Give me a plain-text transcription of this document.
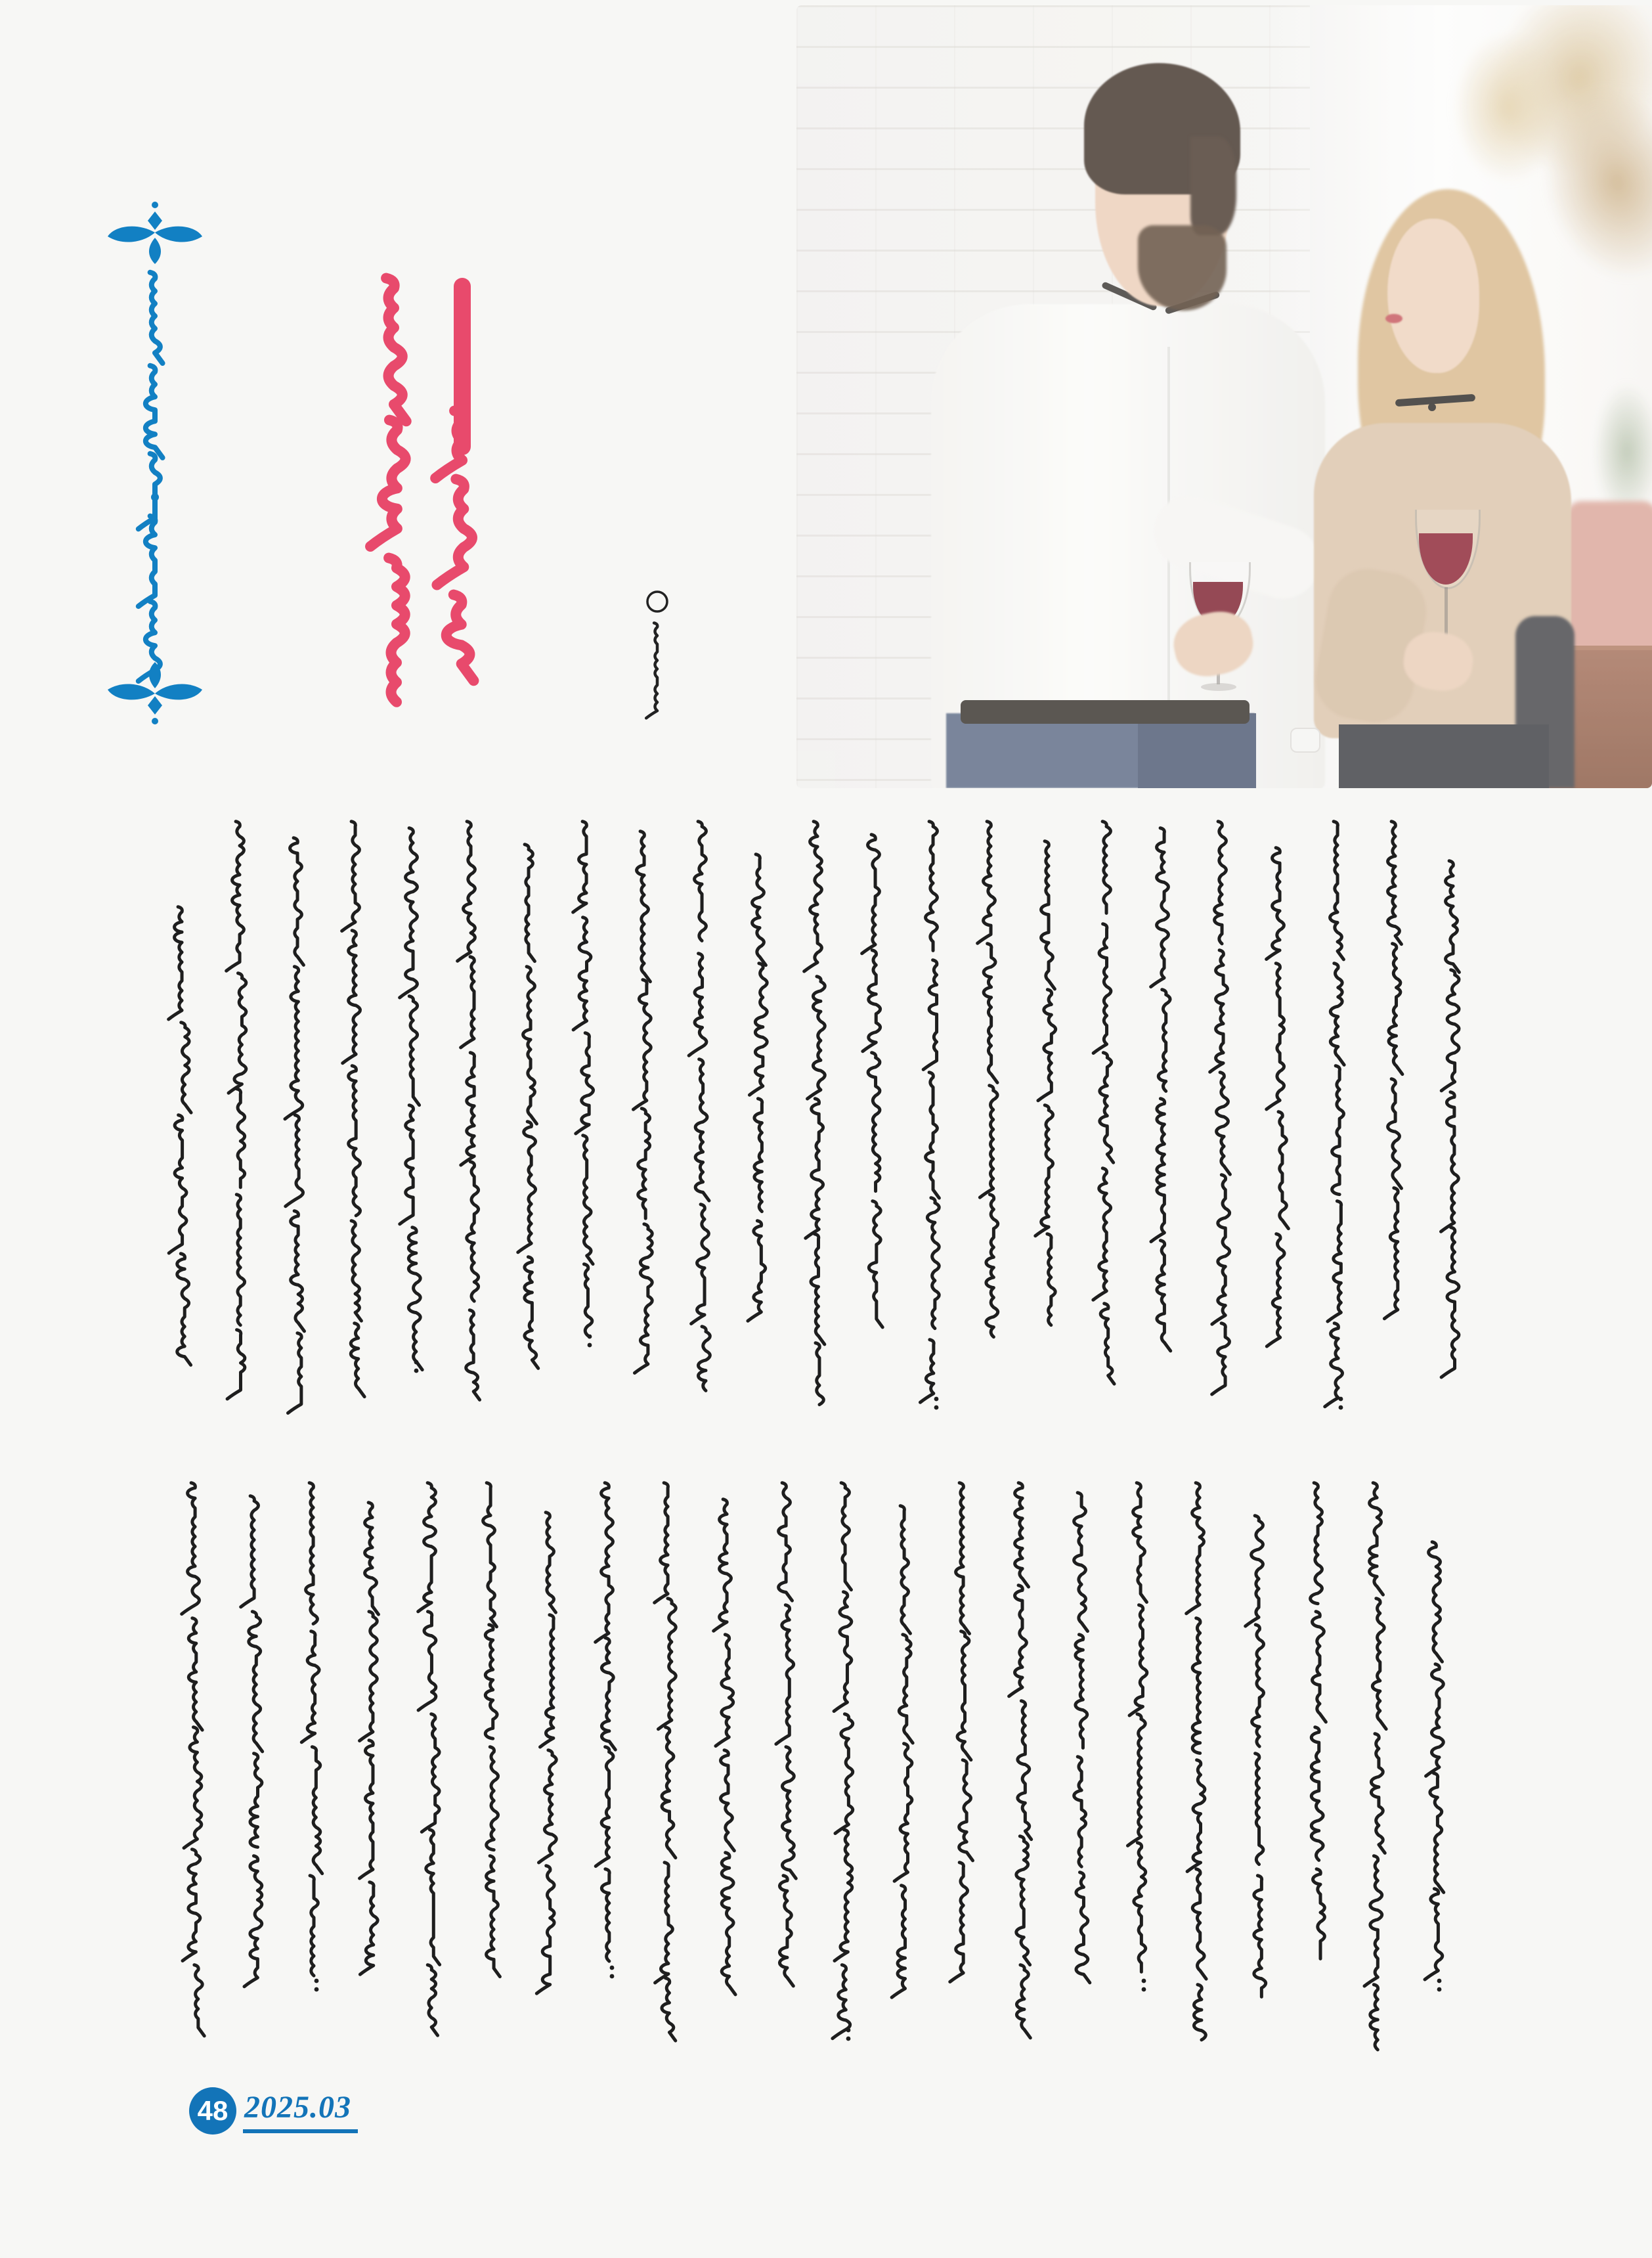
48 2025.03
